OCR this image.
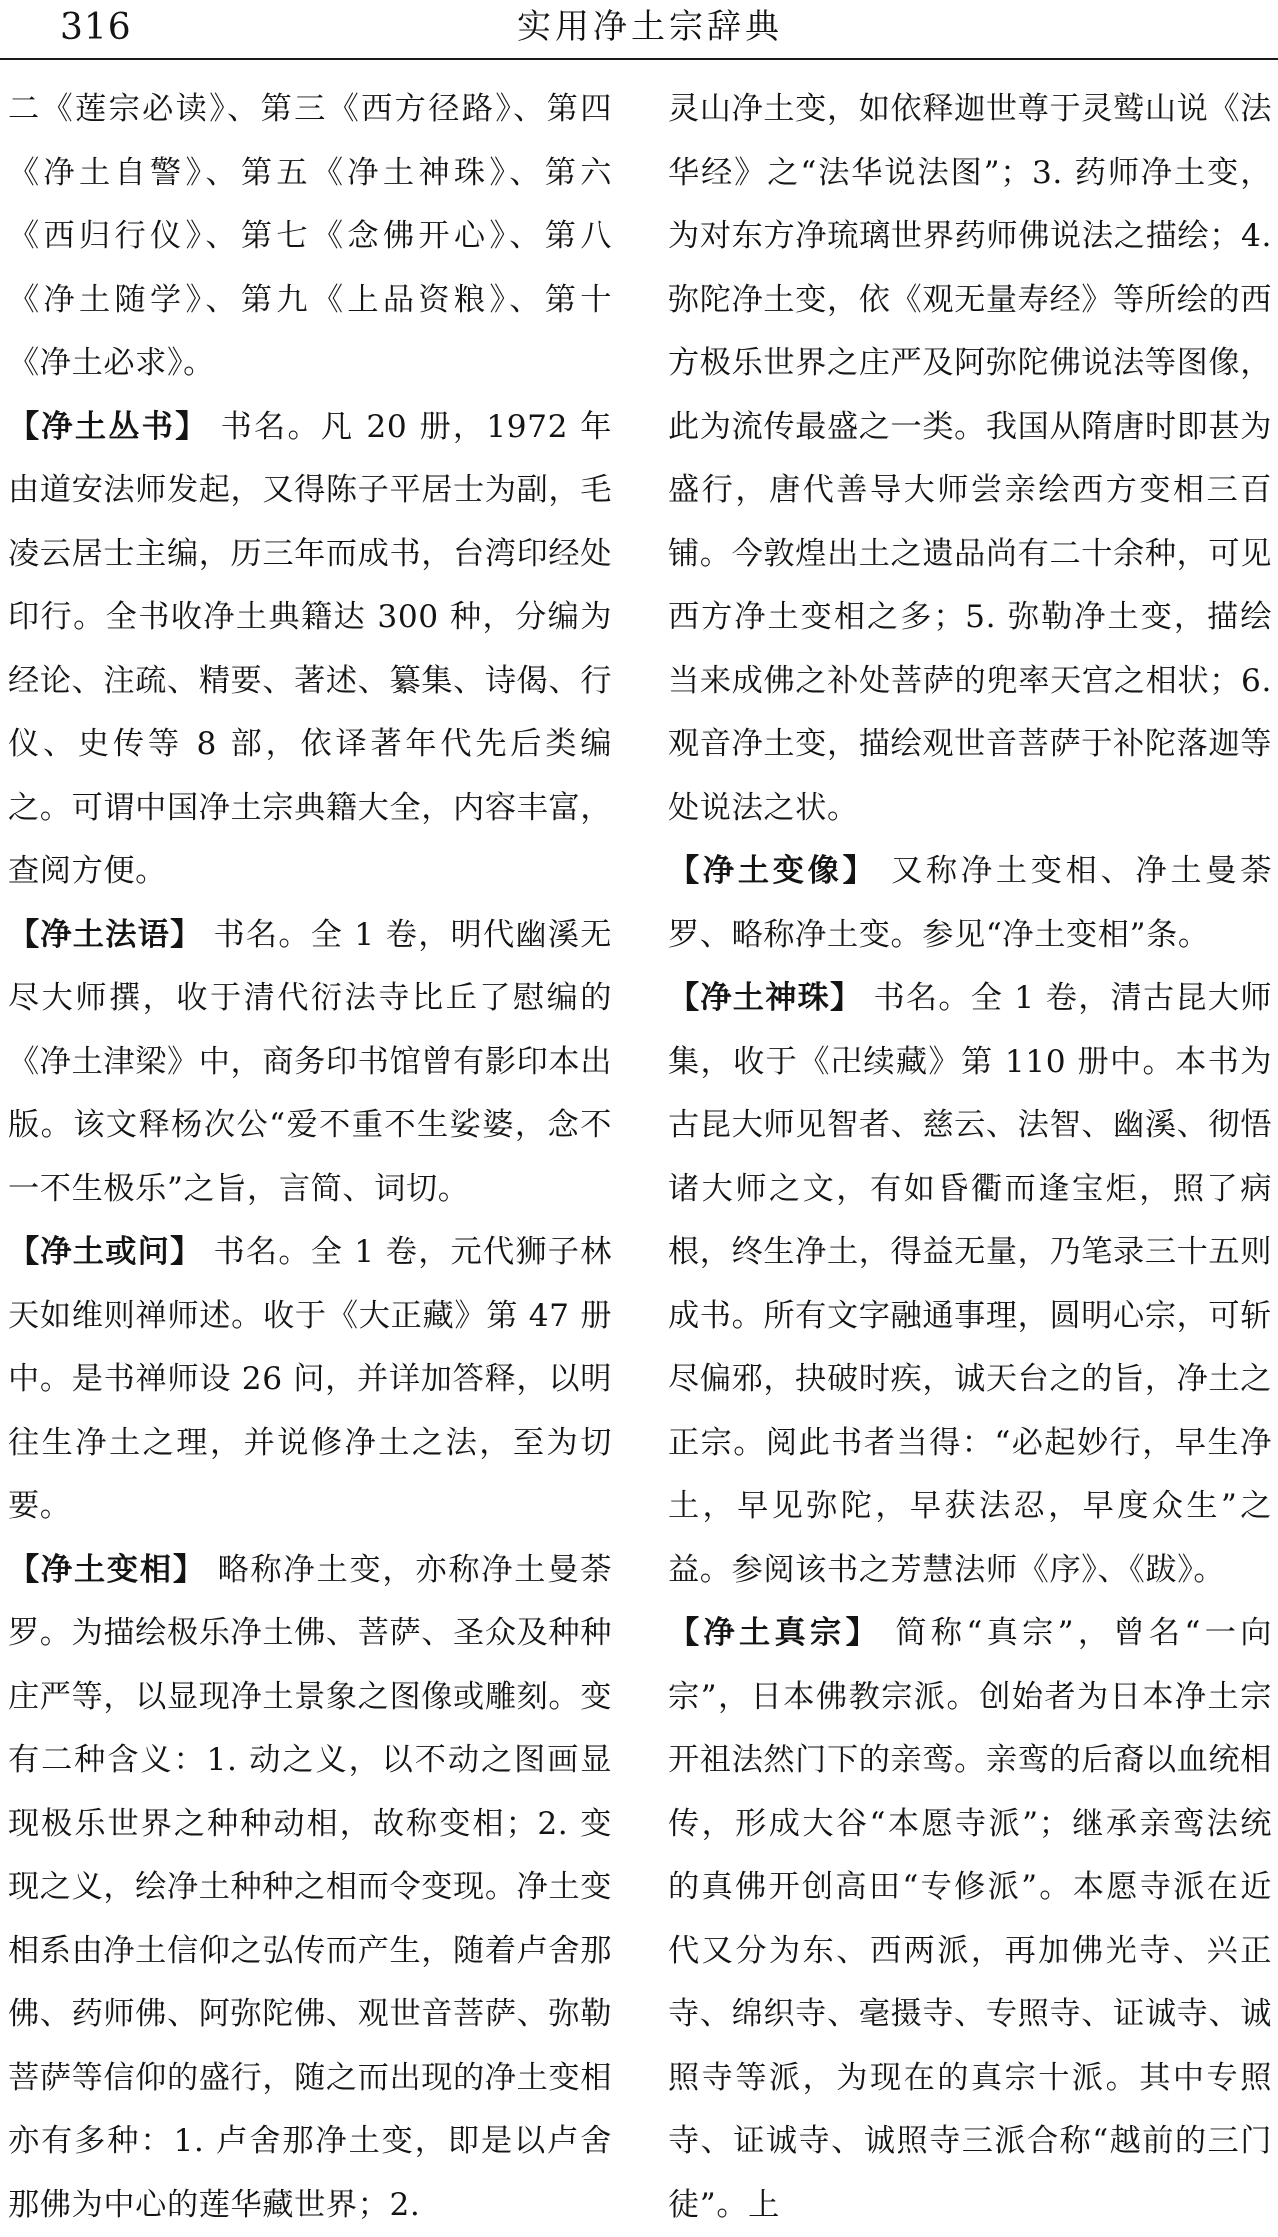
316	实用净土宗辞典

二《莲宗必读》、第三《西方径路》、第四《净土自警》、第五《净土神珠》、第六《西归行仪》、第七《念佛开心》、第八《净土随学》、第九《上品资粮》、第十《净土必求》。

【净土丛书】 书名。凡 20 册，1972 年由道安法师发起，又得陈子平居士为副，毛凌云居士主编，历三年而成书，台湾印经处印行。全书收净土典籍达 300 种，分编为经论、注疏、精要、著述、纂集、诗偈、行仪、史传等 8 部，依译著年代先后类编之。可谓中国净土宗典籍大全，内容丰富，查阅方便。

【净土法语】 书名。全 1 卷，明代幽溪无尽大师撰，收于清代衍法寺比丘了慰编的《净土津梁》中，商务印书馆曾有影印本出版。该文释杨次公“爱不重不生娑婆，念不一不生极乐”之旨，言简、词切。

【净土或问】 书名。全 1 卷，元代狮子林天如维则禅师述。收于《大正藏》第 47 册中。是书禅师设 26 问，并详加答释，以明往生净土之理，并说修净土之法，至为切要。

【净土变相】 略称净土变，亦称净土曼荼罗。为描绘极乐净土佛、菩萨、圣众及种种庄严等，以显现净土景象之图像或雕刻。变有二种含义：1. 动之义，以不动之图画显现极乐世界之种种动相，故称变相；2. 变现之义，绘净土种种之相而令变现。净土变相系由净土信仰之弘传而产生，随着卢舍那佛、药师佛、阿弥陀佛、观世音菩萨、弥勒菩萨等信仰的盛行，随之而出现的净土变相亦有多种：1. 卢舍那净土变，即是以卢舍那佛为中心的莲华藏世界；2.

灵山净土变，如依释迦世尊于灵鹫山说《法华经》之“法华说法图”；3. 药师净土变，为对东方净琉璃世界药师佛说法之描绘；4. 弥陀净土变，依《观无量寿经》等所绘的西方极乐世界之庄严及阿弥陀佛说法等图像，此为流传最盛之一类。我国从隋唐时即甚为盛行，唐代善导大师尝亲绘西方变相三百铺。今敦煌出土之遗品尚有二十余种，可见西方净土变相之多；5. 弥勒净土变，描绘当来成佛之补处菩萨的兜率天宫之相状；6. 观音净土变，描绘观世音菩萨于补陀落迦等处说法之状。

【净土变像】 又称净土变相、净土曼荼罗、略称净土变。参见“净土变相”条。

【净土神珠】 书名。全 1 卷，清古昆大师集，收于《卍续藏》第 110 册中。本书为古昆大师见智者、慈云、法智、幽溪、彻悟诸大师之文，有如昏衢而逢宝炬，照了病根，终生净土，得益无量，乃笔录三十五则成书。所有文字融通事理，圆明心宗，可斩尽偏邪，抉破时疾，诚天台之的旨，净土之正宗。阅此书者当得：“必起妙行，早生净土，早见弥陀，早获法忍，早度众生”之益。参阅该书之芳慧法师《序》、《跋》。

【净土真宗】 简称“真宗”，曾名“一向宗”，日本佛教宗派。创始者为日本净土宗开祖法然门下的亲鸾。亲鸾的后裔以血统相传，形成大谷“本愿寺派”；继承亲鸾法统的真佛开创高田“专修派”。本愿寺派在近代又分为东、西两派，再加佛光寺、兴正寺、绵织寺、毫摄寺、专照寺、证诚寺、诚照寺等派，为现在的真宗十派。其中专照寺、证诚寺、诚照寺三派合称“越前的三门徒”。上
